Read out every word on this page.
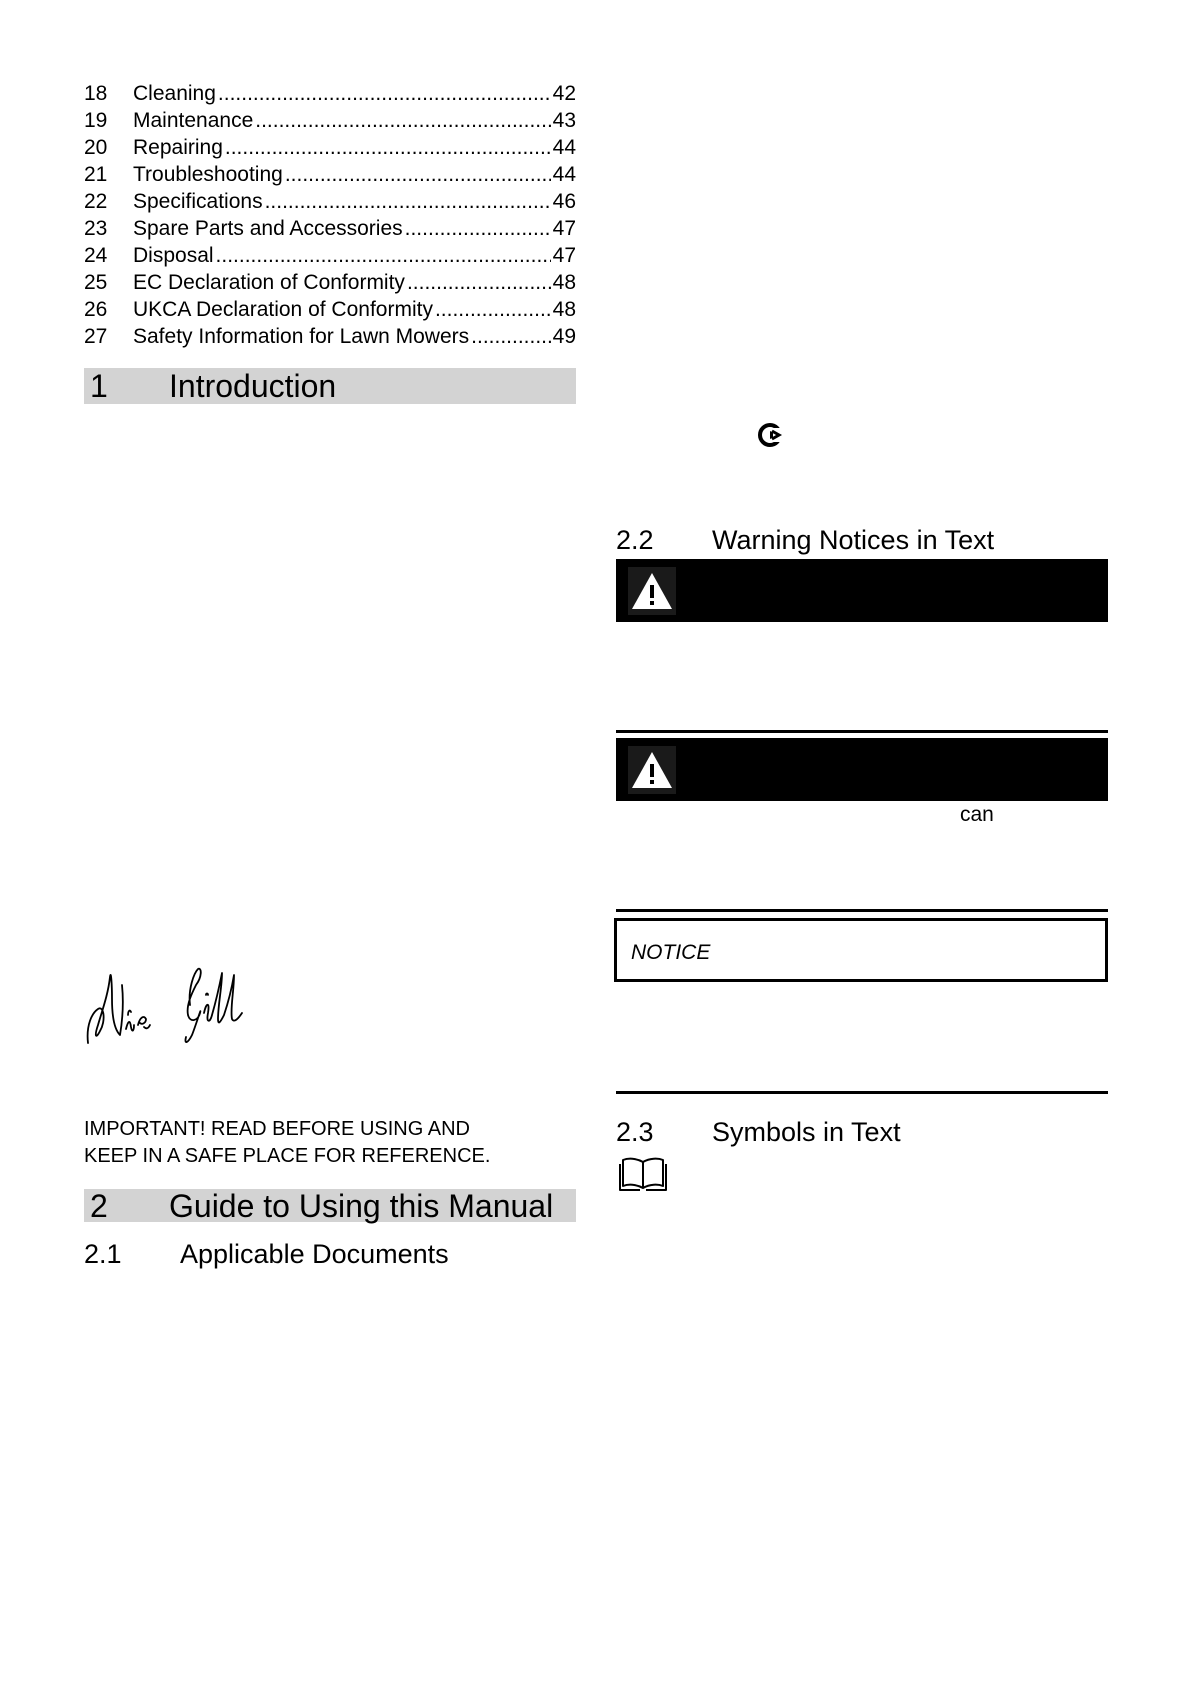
18	Cleaning .....	42
19	Maintenance .....	43
20	Repairing .....	44
21	Troubleshooting .....	44
22	Specifications .....	46
23	Spare Parts and Accessories .....	47
24	Disposal .....	47
25	EC Declaration of Conformity .....	48
26	UKCA Declaration of Conformity .....	48
27	Safety Information for Lawn Mowers .....	49
1	Introduction
IMPORTANT! READ BEFORE USING AND
KEEP IN A SAFE PLACE FOR REFERENCE.
2	Guide to Using this Manual
2.1	Applicable Documents
2.2	Warning Notices in Text
can
NOTICE
2.3	Symbols in Text
